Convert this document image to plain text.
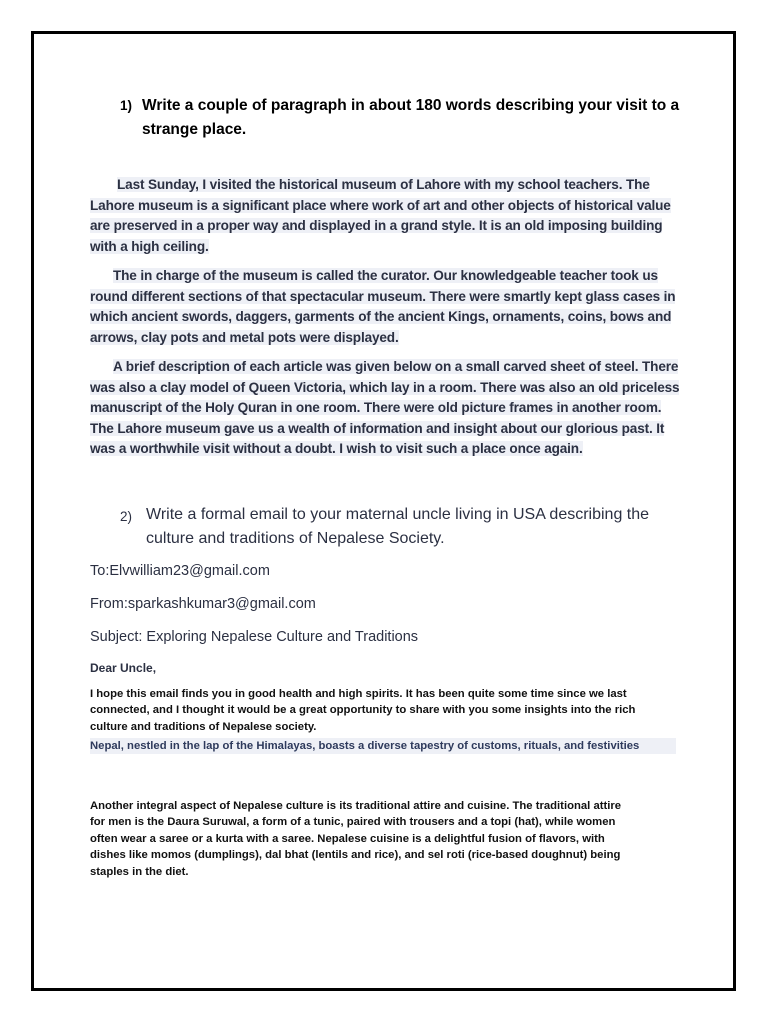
1) Write a couple of paragraph in about 180 words describing your visit to a strange place.
Last Sunday, I visited the historical museum of Lahore with my school teachers. The
Lahore museum is a significant place where work of art and other objects of historical value
are preserved in a proper way and displayed in a grand style. It is an old imposing building
with a high ceiling.
The in charge of the museum is called the curator. Our knowledgeable teacher took us
round different sections of that spectacular museum. There were smartly kept glass cases in
which ancient swords, daggers, garments of the ancient Kings, ornaments, coins, bows and
arrows, clay pots and metal pots were displayed.
A brief description of each article was given below on a small carved sheet of steel. There
was also a clay model of Queen Victoria, which lay in a room. There was also an old priceless
manuscript of the Holy Quran in one room. There were old picture frames in another room.
The Lahore museum gave us a wealth of information and insight about our glorious past. It
was a worthwhile visit without a doubt. I wish to visit such a place once again.
2) Write a formal email to your maternal uncle living in USA describing the culture and traditions of Nepalese Society.
To:Elvwilliam23@gmail.com
From:sparkashkumar3@gmail.com
Subject: Exploring Nepalese Culture and Traditions
Dear Uncle,
I hope this email finds you in good health and high spirits. It has been quite some time since we last
connected, and I thought it would be a great opportunity to share with you some insights into the rich
culture and traditions of Nepalese society.
Nepal, nestled in the lap of the Himalayas, boasts a diverse tapestry of customs, rituals, and festivities
Another integral aspect of Nepalese culture is its traditional attire and cuisine. The traditional attire
for men is the Daura Suruwal, a form of a tunic, paired with trousers and a topi (hat), while women
often wear a saree or a kurta with a saree. Nepalese cuisine is a delightful fusion of flavors, with
dishes like momos (dumplings), dal bhat (lentils and rice), and sel roti (rice-based doughnut) being
staples in the diet.
